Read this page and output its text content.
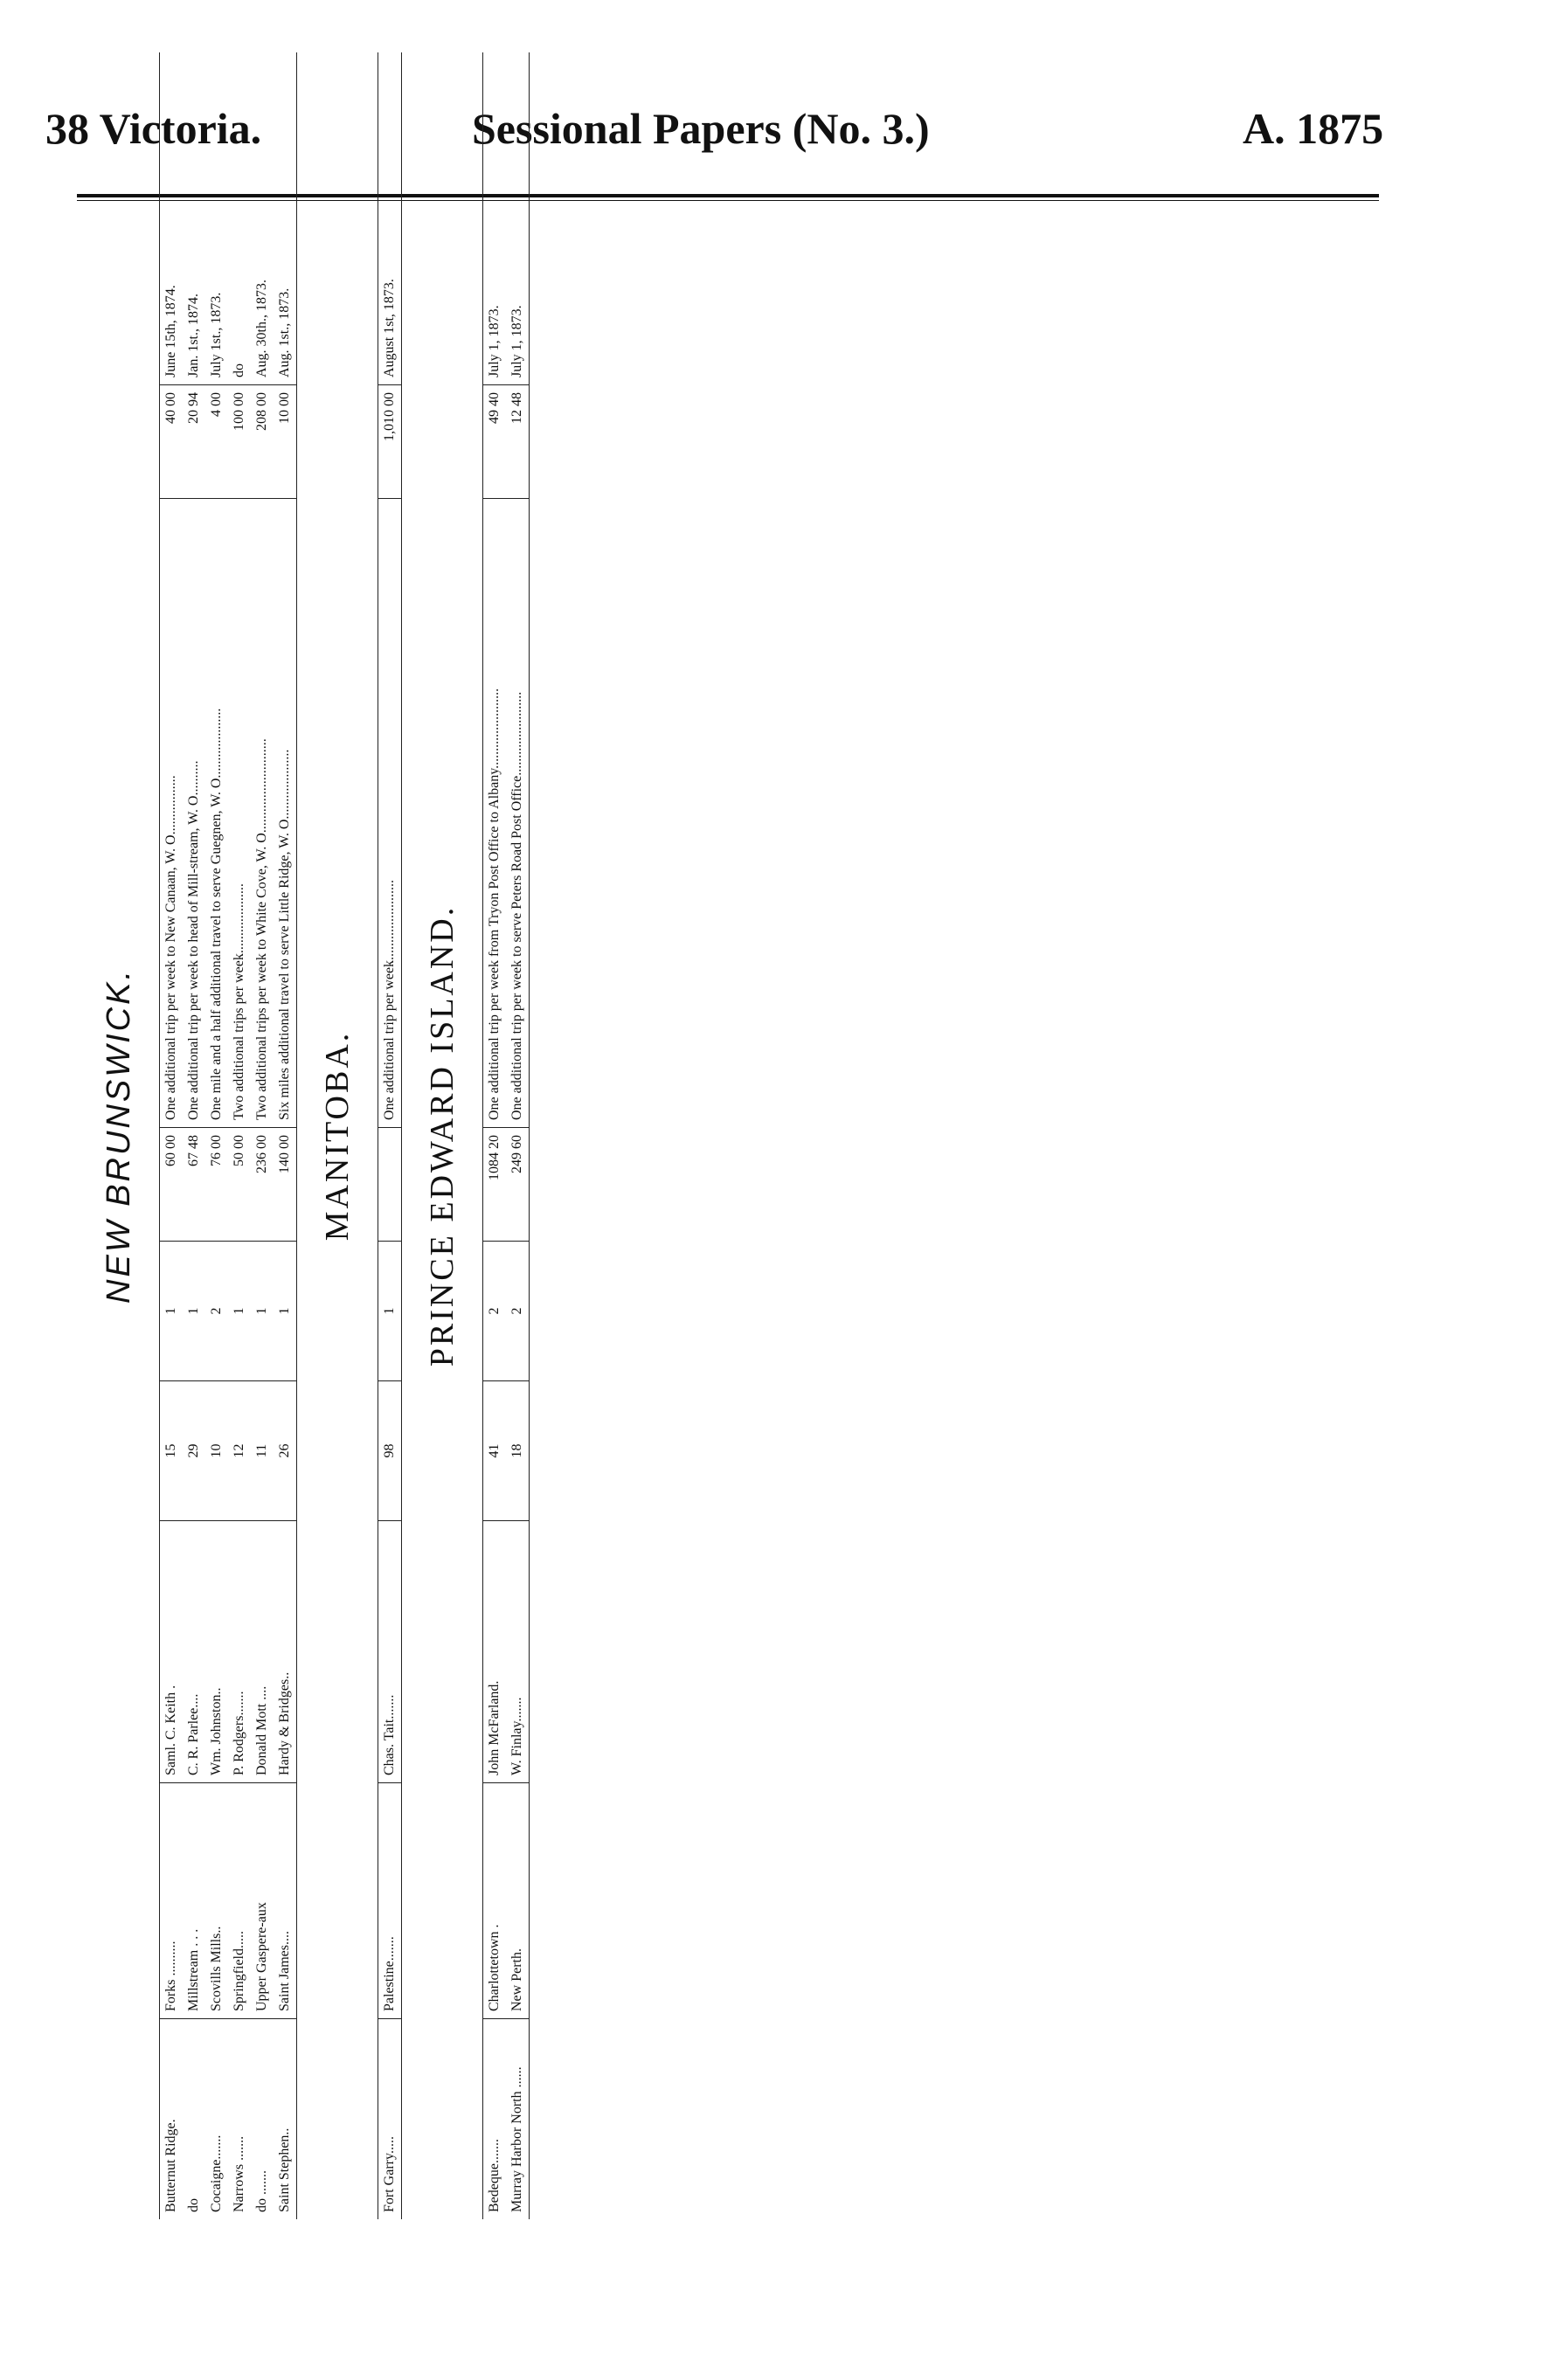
38 Victoria.	Sessional Papers (No. 3.)	A. 1875
NEW BRUNSWICK.
Butternut Ridge.
Forks ..........
Saml. C. Keith .
15
1
60 00
One additional trip per week to New Canaan, W. O.................
40 00
June 15th, 1874.
do
Millstream . . .
C. R. Parlee....
29
1
67 48
One additional trip per week to head of Mill-stream, W. O..........
20 94
Jan. 1st., 1874.
Cocaigne.......
Scovills Mills..
Wm. Johnston..
10
2
76 00
One mile and a half additional travel to serve Guegnen, W. O....................
4 00
July 1st., 1873.
Narrows .......
Springfield.....
P. Rodgers.......
12
1
50 00
Two additional trips per week....................
100 00
do
do .......
Upper Gaspere-aux
Donald Mott ....
11
1
236 00
Two additional trips per week to White Cove, W. O...........................
208 00
Aug. 30th., 1873.
Saint Stephen..
Saint James....
Hardy & Bridges..
26
1
140 00
Six miles additional travel to serve Little Ridge, W. O....................
10 00
Aug. 1st., 1873.
MANITOBA.
Fort Garry.....
Palestine.......
Chas. Tait.......
98
1
One additional trip per week.......................
1,010 00
August 1st, 1873.
PRINCE EDWARD ISLAND.
Bedeque.......
Charlottetown .
John McFarland.
41
2
1084 20
One additional trip per week from Tryon Post Office to Albany.......................
49 40
July 1, 1873.
Murray Harbor North ......
New Perth.
W. Finlay.......
18
2
249 60
One additional trip per week to serve Peters Road Post Office........................
12 48
July 1, 1873.
